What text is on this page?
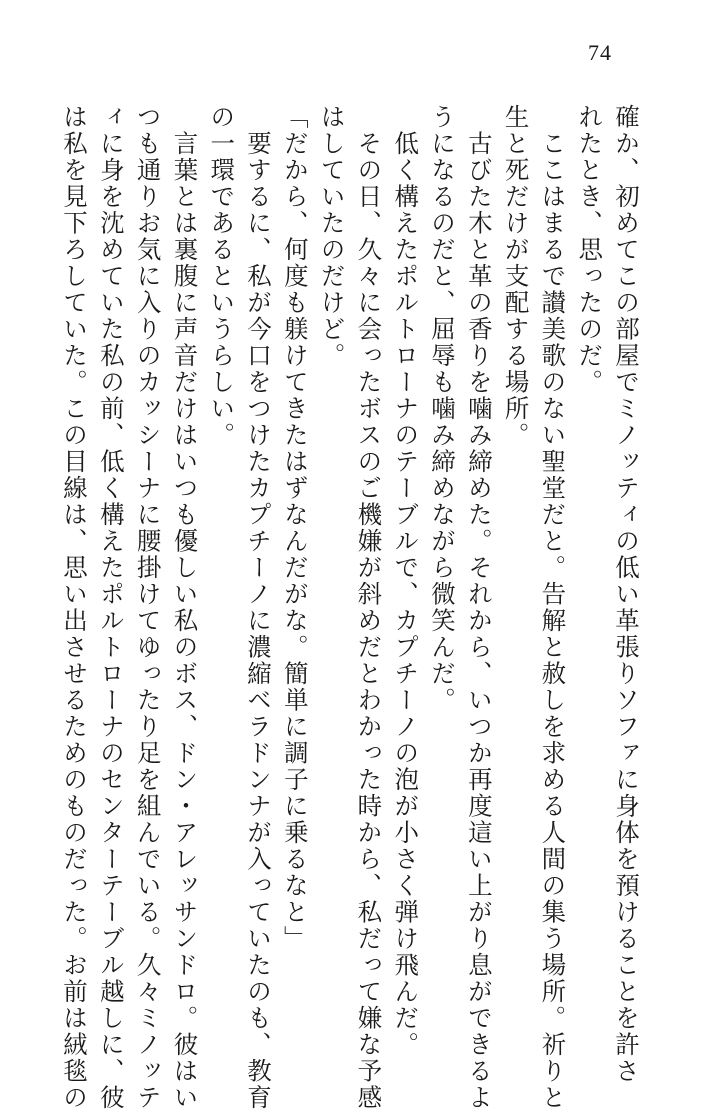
74
確か、初めてこの部屋でミノッティの低い革張りソファに身体を預けることを許さ
れたとき、思ったのだ。
　ここはまるで讃美歌のない聖堂だと。告解と赦しを求める人間の集う場所。祈りと
生と死だけが支配する場所。
　古びた木と革の香りを噛み締めた。それから、いつか再度這い上がり息ができるよ
うになるのだと、屈辱も噛み締めながら微笑んだ。
　低く構えたポルトローナのテーブルで、カプチーノの泡が小さく弾け飛んだ。
　その日、久々に会ったボスのご機嫌が斜めだとわかった時から、私だって嫌な予感
はしていたのだけど。
「だから、何度も躾けてきたはずなんだがな。簡単に調子に乗るなと」
　要するに、私が今口をつけたカプチーノに濃縮ベラドンナが入っていたのも、教育
の一環であるというらしい。
　言葉とは裏腹に声音だけはいつも優しい私のボス、ドン・アレッサンドロ。彼はい
つも通りお気に入りのカッシーナに腰掛けてゆったり足を組んでいる。久々ミノッテ
ィに身を沈めていた私の前、低く構えたポルトローナのセンターテーブル越しに、彼
は私を見下ろしていた。この目線は、思い出させるためのものだった。お前は絨毯の
